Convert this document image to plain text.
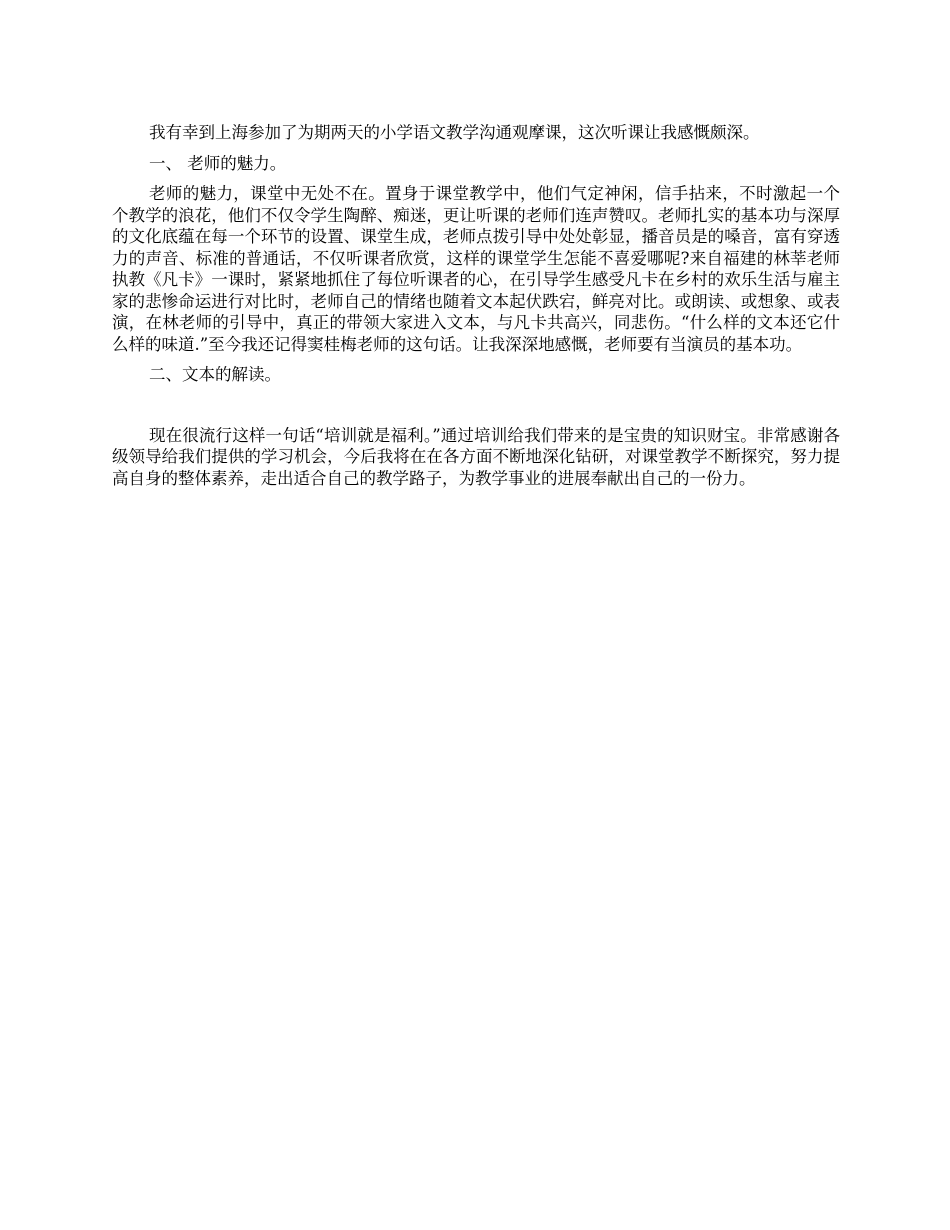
我有幸到上海参加了为期两天的小学语文教学沟通观摩课，这次听课让我感慨颇深。

一、 老师的魅力。

老师的魅力，课堂中无处不在。置身于课堂教学中，他们气定神闲，信手拈来，不时激起一个个教学的浪花，他们不仅令学生陶醉、痴迷，更让听课的老师们连声赞叹。老师扎实的基本功与深厚的文化底蕴在每一个环节的设置、课堂生成，老师点拨引导中处处彰显，播音员是的嗓音，富有穿透力的声音、标准的普通话，不仅听课者欣赏，这样的课堂学生怎能不喜爱哪呢?来自福建的林莘老师执教《凡卡》一课时，紧紧地抓住了每位听课者的心，在引导学生感受凡卡在乡村的欢乐生活与雇主家的悲惨命运进行对比时，老师自己的情绪也随着文本起伏跌宕，鲜亮对比。或朗读、或想象、或表演，在林老师的引导中，真正的带领大家进入文本，与凡卡共高兴，同悲伤。“什么样的文本还它什么样的味道.”至今我还记得窦桂梅老师的这句话。让我深深地感慨，老师要有当演员的基本功。

二、文本的解读。

现在很流行这样一句话“培训就是福利。”通过培训给我们带来的是宝贵的知识财宝。非常感谢各级领导给我们提供的学习机会，今后我将在在各方面不断地深化钻研，对课堂教学不断探究，努力提高自身的整体素养，走出适合自己的教学路子，为教学事业的进展奉献出自己的一份力。
